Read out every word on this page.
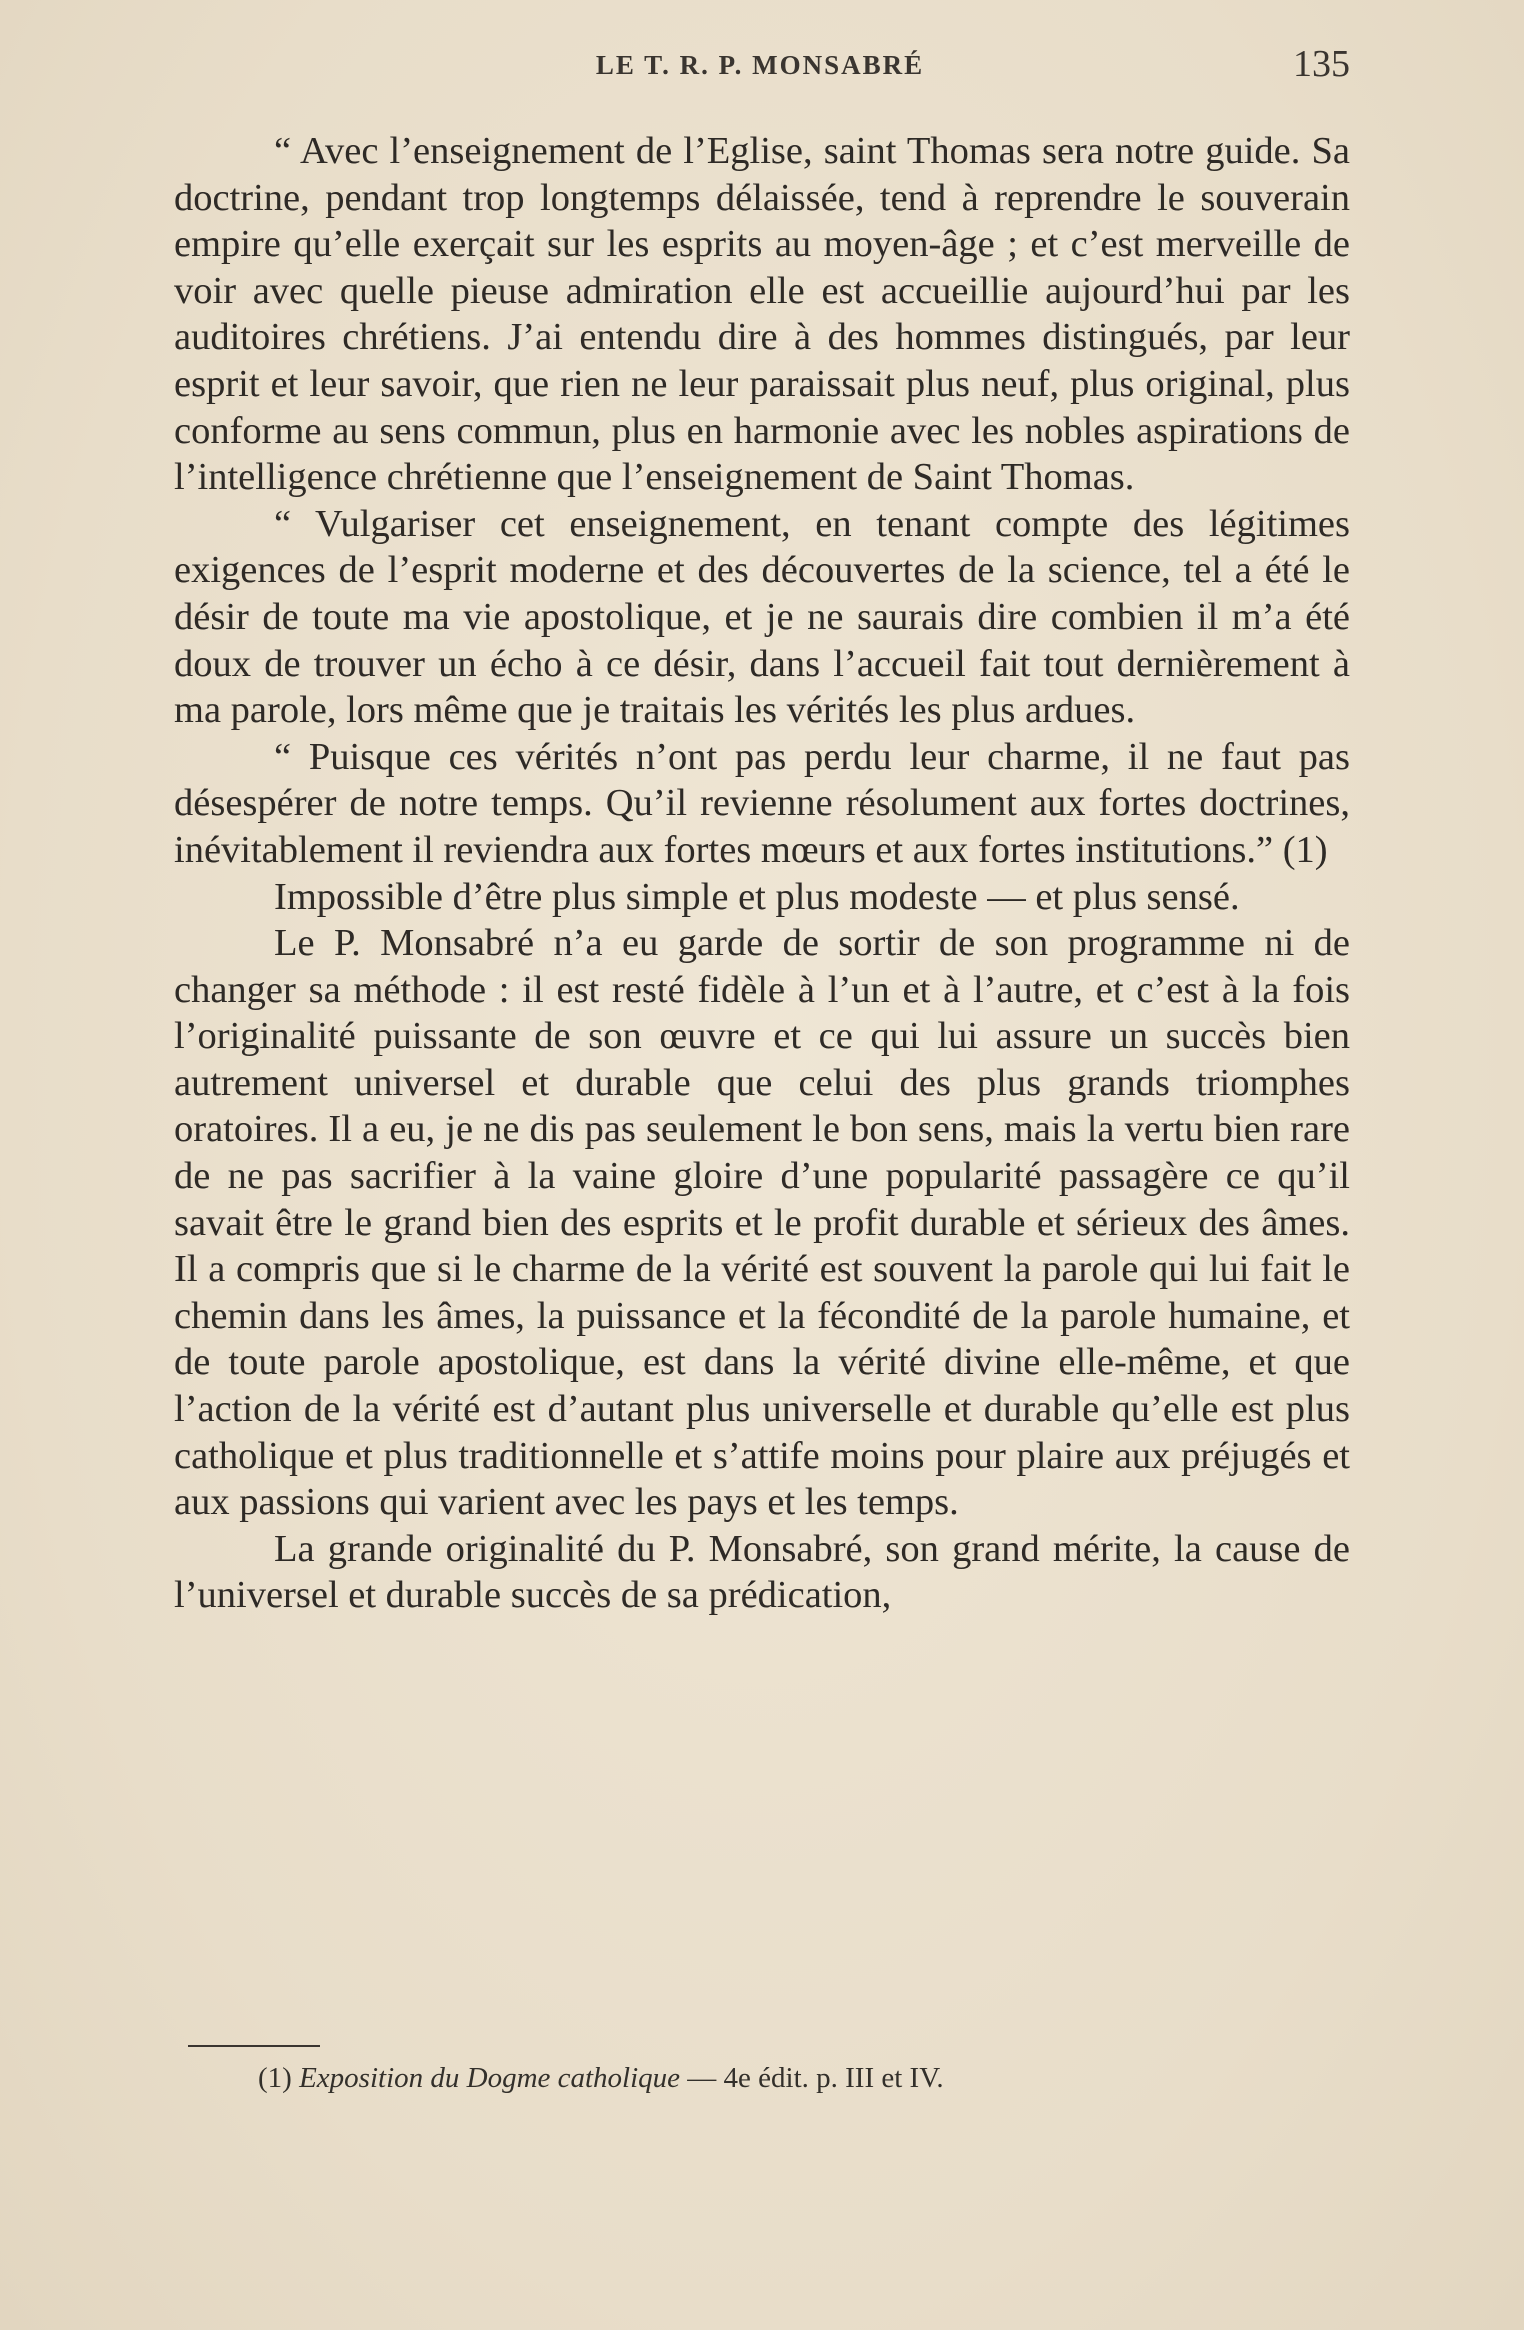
LE T. R. P. MONSABRÉ	135

“ Avec l’enseignement de l’Eglise, saint Thomas sera notre guide. Sa doctrine, pendant trop longtemps délaissée, tend à reprendre le souverain empire qu’elle exerçait sur les esprits au moyen-âge ; et c’est merveille de voir avec quelle pieuse admiration elle est accueillie aujourd’hui par les auditoires chrétiens. J’ai entendu dire à des hommes distingués, par leur esprit et leur savoir, que rien ne leur paraissait plus neuf, plus original, plus conforme au sens commun, plus en harmonie avec les nobles aspirations de l’intelligence chrétienne que l’enseignement de Saint Thomas.

“ Vulgariser cet enseignement, en tenant compte des légitimes exigences de l’esprit moderne et des découvertes de la science, tel a été le désir de toute ma vie apostolique, et je ne saurais dire combien il m’a été doux de trouver un écho à ce désir, dans l’accueil fait tout dernièrement à ma parole, lors même que je traitais les vérités les plus ardues.

“ Puisque ces vérités n’ont pas perdu leur charme, il ne faut pas désespérer de notre temps. Qu’il revienne résolument aux fortes doctrines, inévitablement il reviendra aux fortes mœurs et aux fortes institutions.” (1)

Impossible d’être plus simple et plus modeste — et plus sensé.

Le P. Monsabré n’a eu garde de sortir de son programme ni de changer sa méthode : il est resté fidèle à l’un et à l’autre, et c’est à la fois l’originalité puissante de son œuvre et ce qui lui assure un succès bien autrement universel et durable que celui des plus grands triomphes oratoires. Il a eu, je ne dis pas seulement le bon sens, mais la vertu bien rare de ne pas sacrifier à la vaine gloire d’une popularité passagère ce qu’il savait être le grand bien des esprits et le profit durable et sérieux des âmes. Il a compris que si le charme de la vérité est souvent la parole qui lui fait le chemin dans les âmes, la puissance et la fécondité de la parole humaine, et de toute parole apostolique, est dans la vérité divine elle-même, et que l’action de la vérité est d’autant plus universelle et durable qu’elle est plus catholique et plus traditionnelle et s’attife moins pour plaire aux préjugés et aux passions qui varient avec les pays et les temps.

La grande originalité du P. Monsabré, son grand mérite, la cause de l’universel et durable succès de sa prédication,

(1) Exposition du Dogme catholique — 4e édit. p. III et IV.
